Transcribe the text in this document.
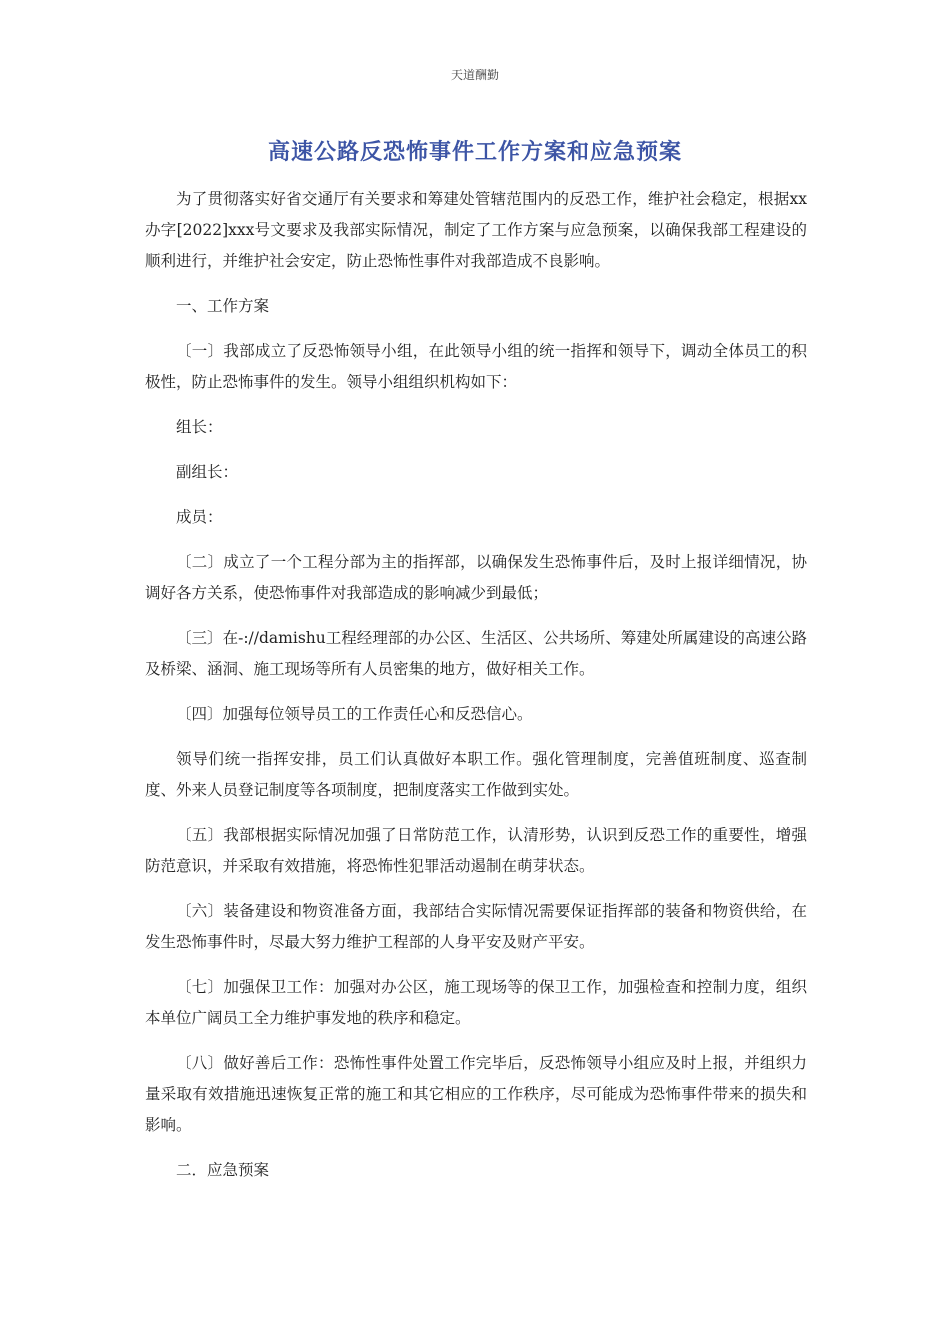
天道酬勤
高速公路反恐怖事件工作方案和应急预案

为了贯彻落实好省交通厅有关要求和筹建处管辖范围内的反恐工作，维护社会稳定，根据xx办字[2022]xxx号文要求及我部实际情况，制定了工作方案与应急预案，以确保我部工程建设的顺利进行，并维护社会安定，防止恐怖性事件对我部造成不良影响。

一、工作方案

〔一〕我部成立了反恐怖领导小组，在此领导小组的统一指挥和领导下，调动全体员工的积极性，防止恐怖事件的发生。领导小组组织机构如下：

组长：

副组长：

成员：

〔二〕成立了一个工程分部为主的指挥部，以确保发生恐怖事件后，及时上报详细情况，协调好各方关系，使恐怖事件对我部造成的影响减少到最低；

〔三〕在-://damishu工程经理部的办公区、生活区、公共场所、筹建处所属建设的高速公路及桥梁、涵洞、施工现场等所有人员密集的地方，做好相关工作。

〔四〕加强每位领导员工的工作责任心和反恐信心。

领导们统一指挥安排，员工们认真做好本职工作。强化管理制度，完善值班制度、巡查制度、外来人员登记制度等各项制度，把制度落实工作做到实处。

〔五〕我部根据实际情况加强了日常防范工作，认清形势，认识到反恐工作的重要性，增强防范意识，并采取有效措施，将恐怖性犯罪活动遏制在萌芽状态。

〔六〕装备建设和物资准备方面，我部结合实际情况需要保证指挥部的装备和物资供给，在发生恐怖事件时，尽最大努力维护工程部的人身平安及财产平安。

〔七〕加强保卫工作：加强对办公区，施工现场等的保卫工作，加强检查和控制力度，组织本单位广阔员工全力维护事发地的秩序和稳定。

〔八〕做好善后工作：恐怖性事件处置工作完毕后，反恐怖领导小组应及时上报，并组织力量采取有效措施迅速恢复正常的施工和其它相应的工作秩序，尽可能成为恐怖事件带来的损失和影响。

二．应急预案
